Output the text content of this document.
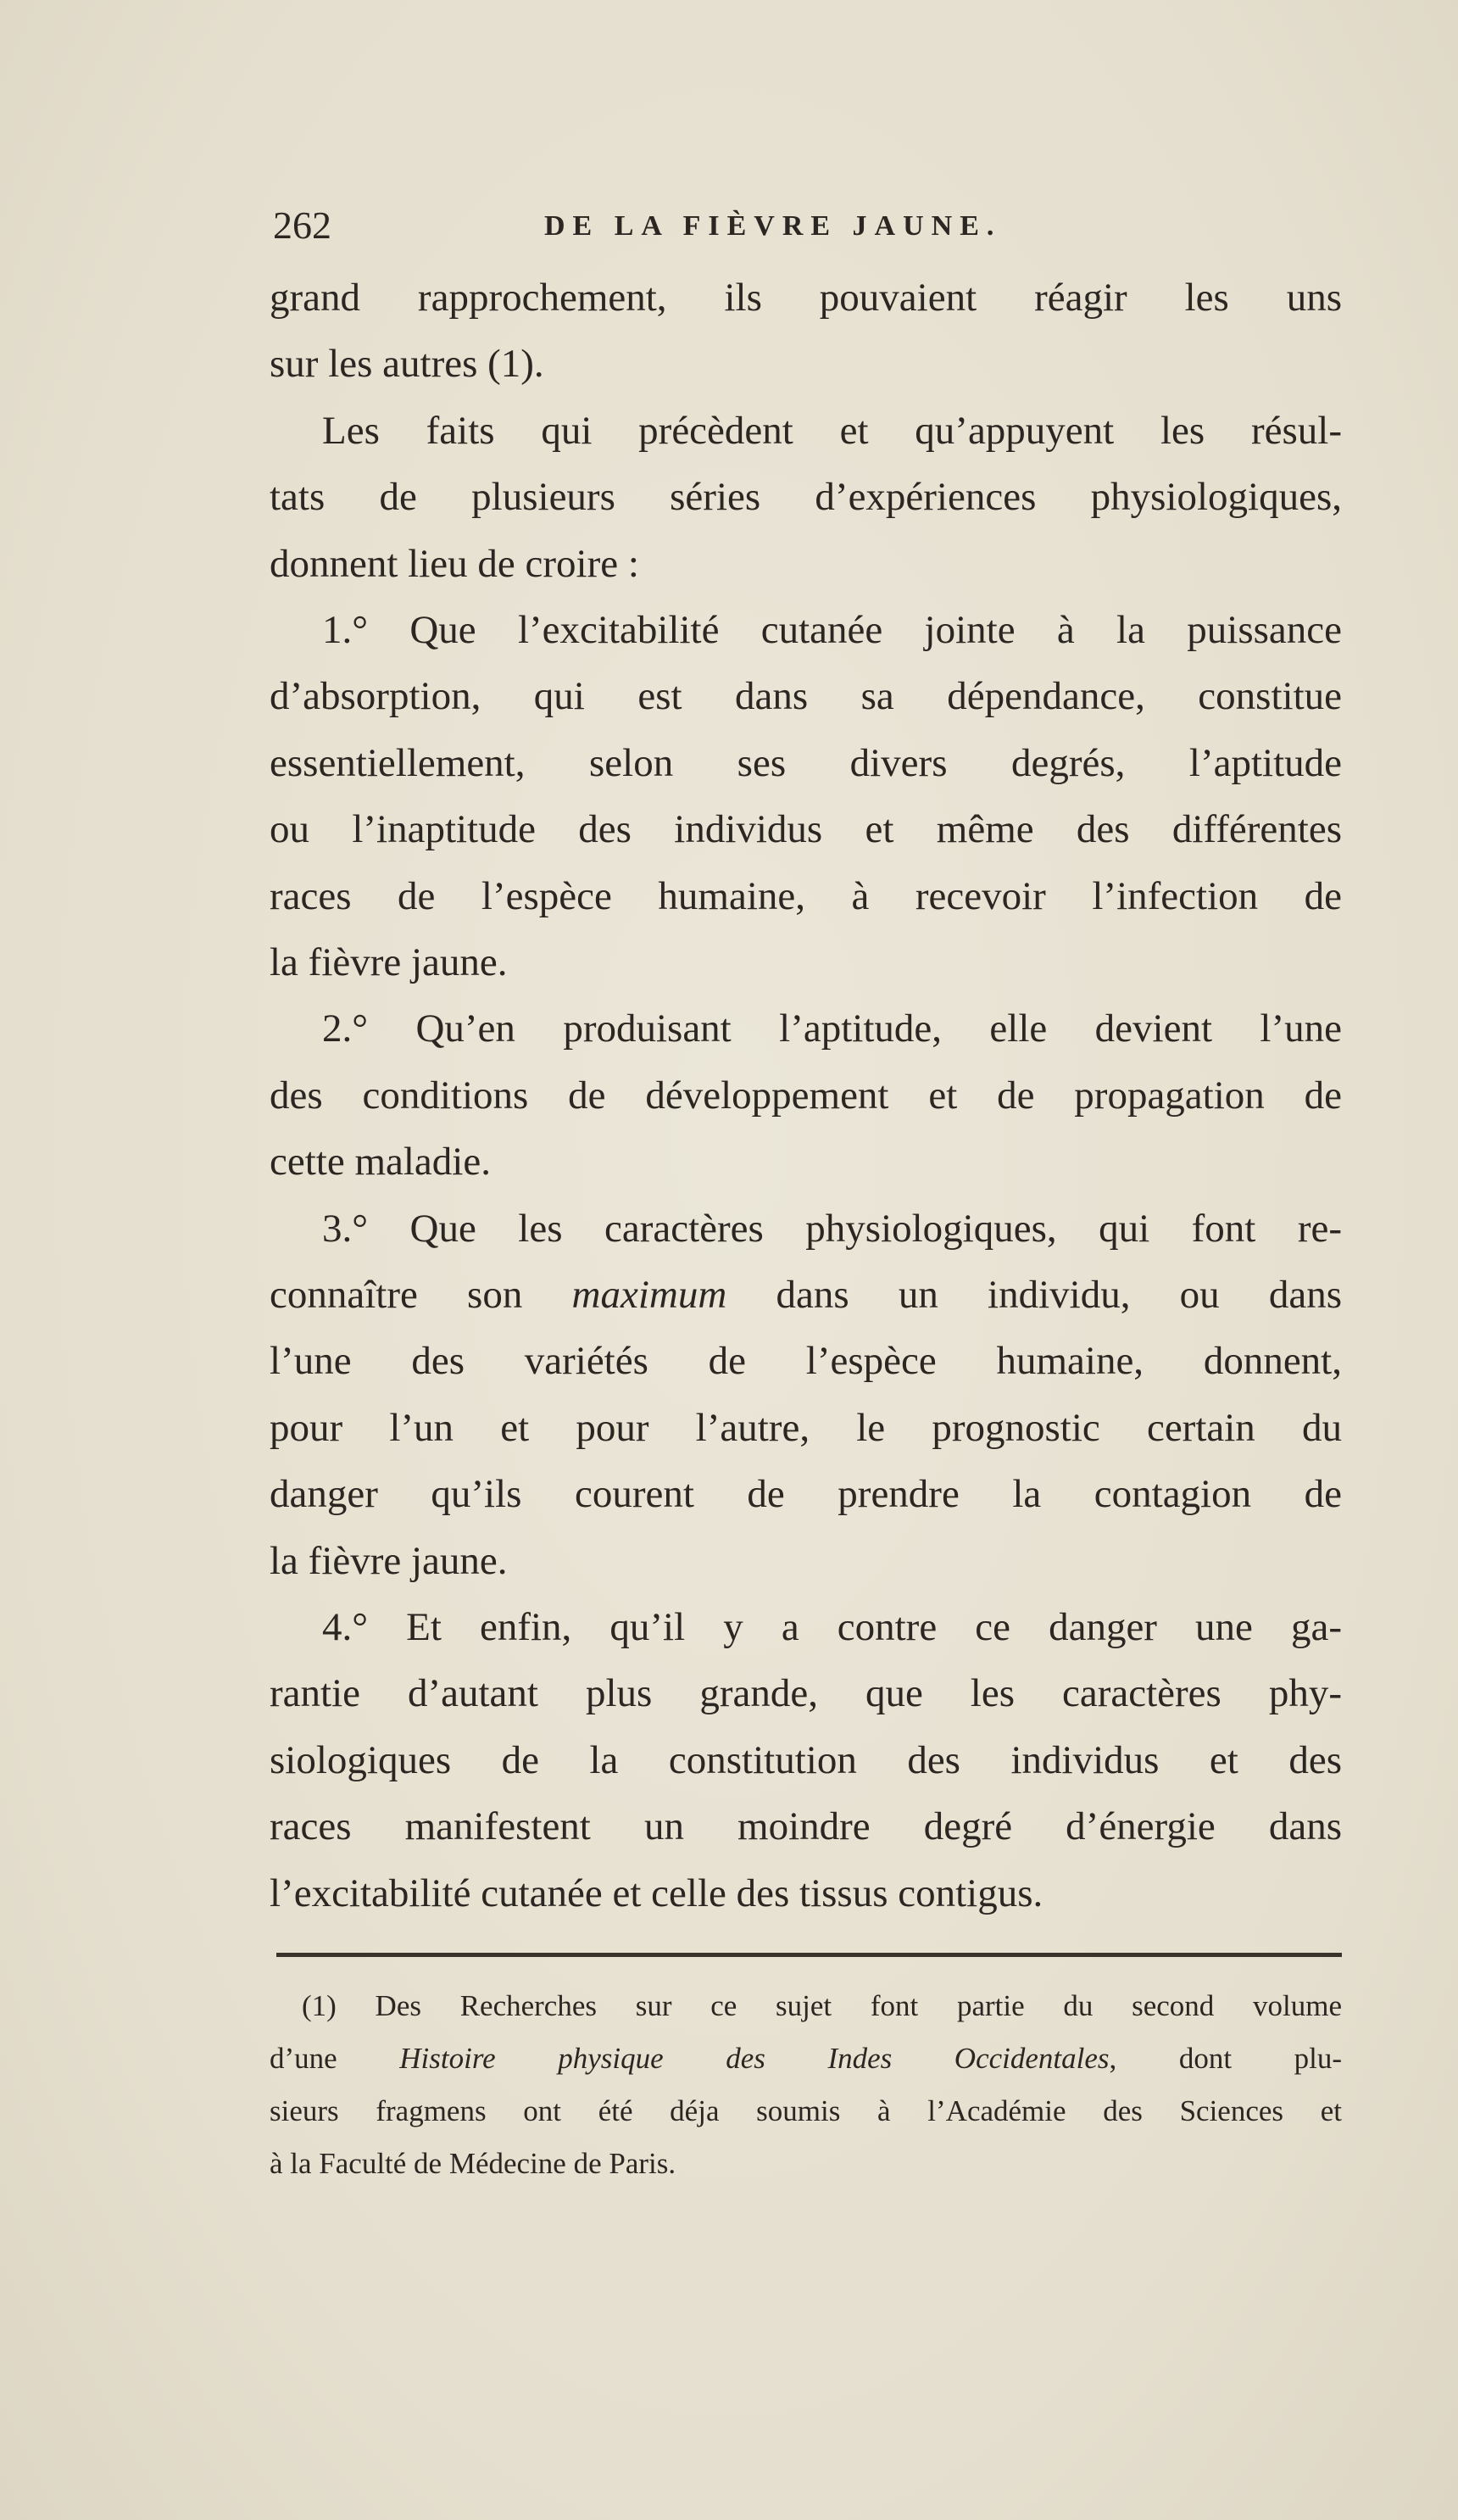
262	DE LA FIÈVRE JAUNE.
grand rapprochement, ils pouvaient réagir les uns
sur les autres (1).
Les faits qui précèdent et qu’appuyent les résul-
tats de plusieurs séries d’expériences physiologiques,
donnent lieu de croire :
1.° Que l’excitabilité cutanée jointe à la puissance
d’absorption, qui est dans sa dépendance, constitue
essentiellement, selon ses divers degrés, l’aptitude
ou l’inaptitude des individus et même des différentes
races de l’espèce humaine, à recevoir l’infection de
la fièvre jaune.
2.° Qu’en produisant l’aptitude, elle devient l’une
des conditions de développement et de propagation de
cette maladie.
3.° Que les caractères physiologiques, qui font re-
connaître son maximum dans un individu, ou dans
l’une des variétés de l’espèce humaine, donnent,
pour l’un et pour l’autre, le prognostic certain du
danger qu’ils courent de prendre la contagion de
la fièvre jaune.
4.° Et enfin, qu’il y a contre ce danger une ga-
rantie d’autant plus grande, que les caractères phy-
siologiques de la constitution des individus et des
races manifestent un moindre degré d’énergie dans
l’excitabilité cutanée et celle des tissus contigus.
(1) Des Recherches sur ce sujet font partie du second volume
d’une Histoire physique des Indes Occidentales, dont plu-
sieurs fragmens ont été déja soumis à l’Académie des Sciences et
à la Faculté de Médecine de Paris.
